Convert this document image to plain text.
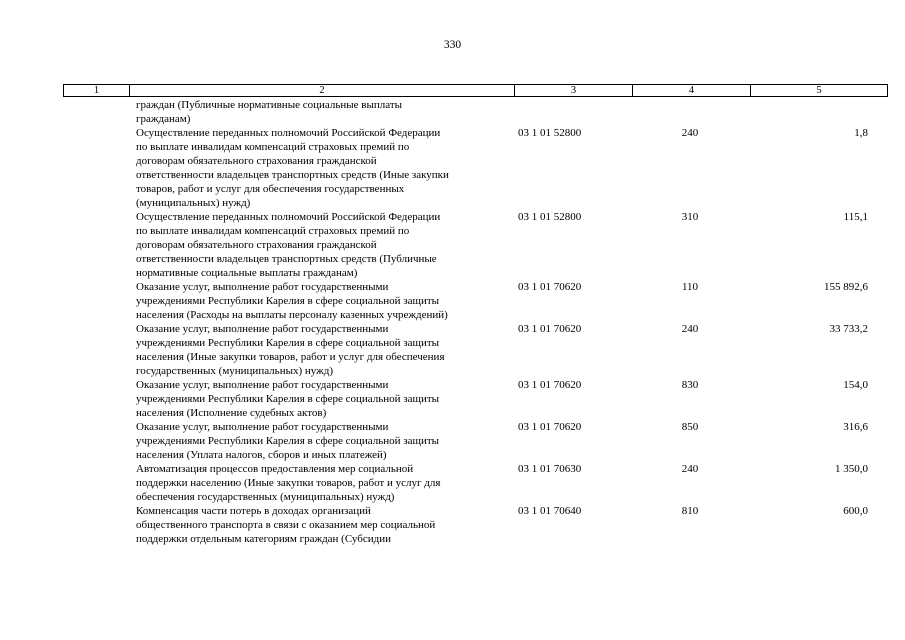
330
1	2	3	4	5
граждан (Публичные нормативные социальные выплаты
гражданам)
Осуществление переданных полномочий Российской Федерации
по выплате инвалидам компенсаций страховых премий по
договорам обязательного страхования гражданской
ответственности владельцев транспортных средств (Иные закупки
товаров, работ и услуг для обеспечения государственных
(муниципальных) нужд)
03 1 01 52800	240	1,8
Осуществление переданных полномочий Российской Федерации
по выплате инвалидам компенсаций страховых премий по
договорам обязательного страхования гражданской
ответственности владельцев транспортных средств (Публичные
нормативные социальные выплаты гражданам)
03 1 01 52800	310	115,1
Оказание услуг, выполнение работ государственными
учреждениями Республики Карелия в сфере социальной защиты
населения (Расходы на выплаты персоналу казенных учреждений)
03 1 01 70620	110	155 892,6
Оказание услуг, выполнение работ государственными
учреждениями Республики Карелия в сфере социальной защиты
населения (Иные закупки товаров, работ и услуг для обеспечения
государственных (муниципальных) нужд)
03 1 01 70620	240	33 733,2
Оказание услуг, выполнение работ государственными
учреждениями Республики Карелия в сфере социальной защиты
населения (Исполнение судебных актов)
03 1 01 70620	830	154,0
Оказание услуг, выполнение работ государственными
учреждениями Республики Карелия в сфере социальной защиты
населения (Уплата налогов, сборов и иных платежей)
03 1 01 70620	850	316,6
Автоматизация процессов предоставления мер социальной
поддержки населению (Иные закупки товаров, работ и услуг для
обеспечения государственных (муниципальных) нужд)
03 1 01 70630	240	1 350,0
Компенсация части потерь в доходах организаций
общественного транспорта в связи с оказанием мер социальной
поддержки отдельным категориям граждан (Субсидии
03 1 01 70640	810	600,0
